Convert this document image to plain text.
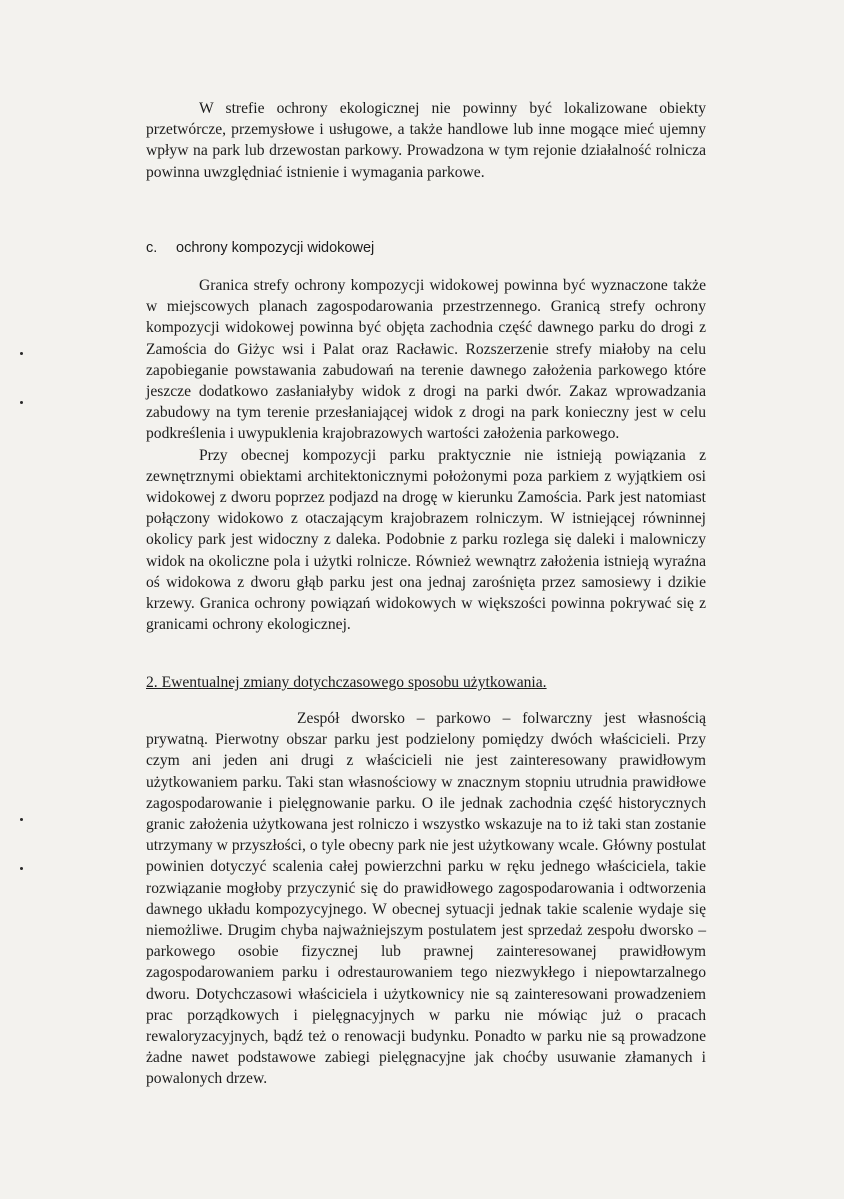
W strefie ochrony ekologicznej nie powinny być lokalizowane obiekty przetwórcze, przemysłowe i usługowe, a także handlowe lub inne mogące mieć ujemny wpływ na park lub drzewostan parkowy. Prowadzona w tym rejonie działalność rolnicza powinna uwzględniać istnienie i wymagania parkowe.

c. ochrony kompozycji widokowej

Granica strefy ochrony kompozycji widokowej powinna być wyznaczone także w miejscowych planach zagospodarowania przestrzennego. Granicą strefy ochrony kompozycji widokowej powinna być objęta zachodnia część dawnego parku do drogi z Zamościa do Giżyc wsi i Palat oraz Racławic. Rozszerzenie strefy miałoby na celu zapobieganie powstawania zabudowań na terenie dawnego założenia parkowego które jeszcze dodatkowo zasłaniałyby widok z drogi na parki dwór. Zakaz wprowadzania zabudowy na tym terenie przesłaniającej widok z drogi na park konieczny jest w celu podkreślenia i uwypuklenia krajobrazowych wartości założenia parkowego.

Przy obecnej kompozycji parku praktycznie nie istnieją powiązania z zewnętrznymi obiektami architektonicznymi położonymi poza parkiem z wyjątkiem osi widokowej z dworu poprzez podjazd na drogę w kierunku Zamościa. Park jest natomiast połączony widokowo z otaczającym krajobrazem rolniczym. W istniejącej równinnej okolicy park jest widoczny z daleka. Podobnie z parku rozlega się daleki i malowniczy widok na okoliczne pola i użytki rolnicze. Również wewnątrz założenia istnieją wyraźna oś widokowa z dworu głąb parku jest ona jednaj zarośnięta przez samosiewy i dzikie krzewy. Granica ochrony powiązań widokowych w większości powinna pokrywać się z granicami ochrony ekologicznej.

2. Ewentualnej zmiany dotychczasowego sposobu użytkowania.

Zespół dworsko – parkowo – folwarczny jest własnością prywatną. Pierwotny obszar parku jest podzielony pomiędzy dwóch właścicieli. Przy czym ani jeden ani drugi z właścicieli nie jest zainteresowany prawidłowym użytkowaniem parku. Taki stan własnościowy w znacznym stopniu utrudnia prawidłowe zagospodarowanie i pielęgnowanie parku. O ile jednak zachodnia część historycznych granic założenia użytkowana jest rolniczo i wszystko wskazuje na to iż taki stan zostanie utrzymany w przyszłości, o tyle obecny park nie jest użytkowany wcale. Główny postulat powinien dotyczyć scalenia całej powierzchni parku w ręku jednego właściciela, takie rozwiązanie mogłoby przyczynić się do prawidłowego zagospodarowania i odtworzenia dawnego układu kompozycyjnego. W obecnej sytuacji jednak takie scalenie wydaje się niemożliwe. Drugim chyba najważniejszym postulatem jest sprzedaż zespołu dworsko – parkowego osobie fizycznej lub prawnej zainteresowanej prawidłowym zagospodarowaniem parku i odrestaurowaniem tego niezwykłego i niepowtarzalnego dworu. Dotychczasowi właściciela i użytkownicy nie są zainteresowani prowadzeniem prac porządkowych i pielęgnacyjnych w parku nie mówiąc już o pracach rewaloryzacyjnych, bądź też o renowacji budynku. Ponadto w parku nie są prowadzone żadne nawet podstawowe zabiegi pielęgnacyjne jak choćby usuwanie złamanych i powalonych drzew.
